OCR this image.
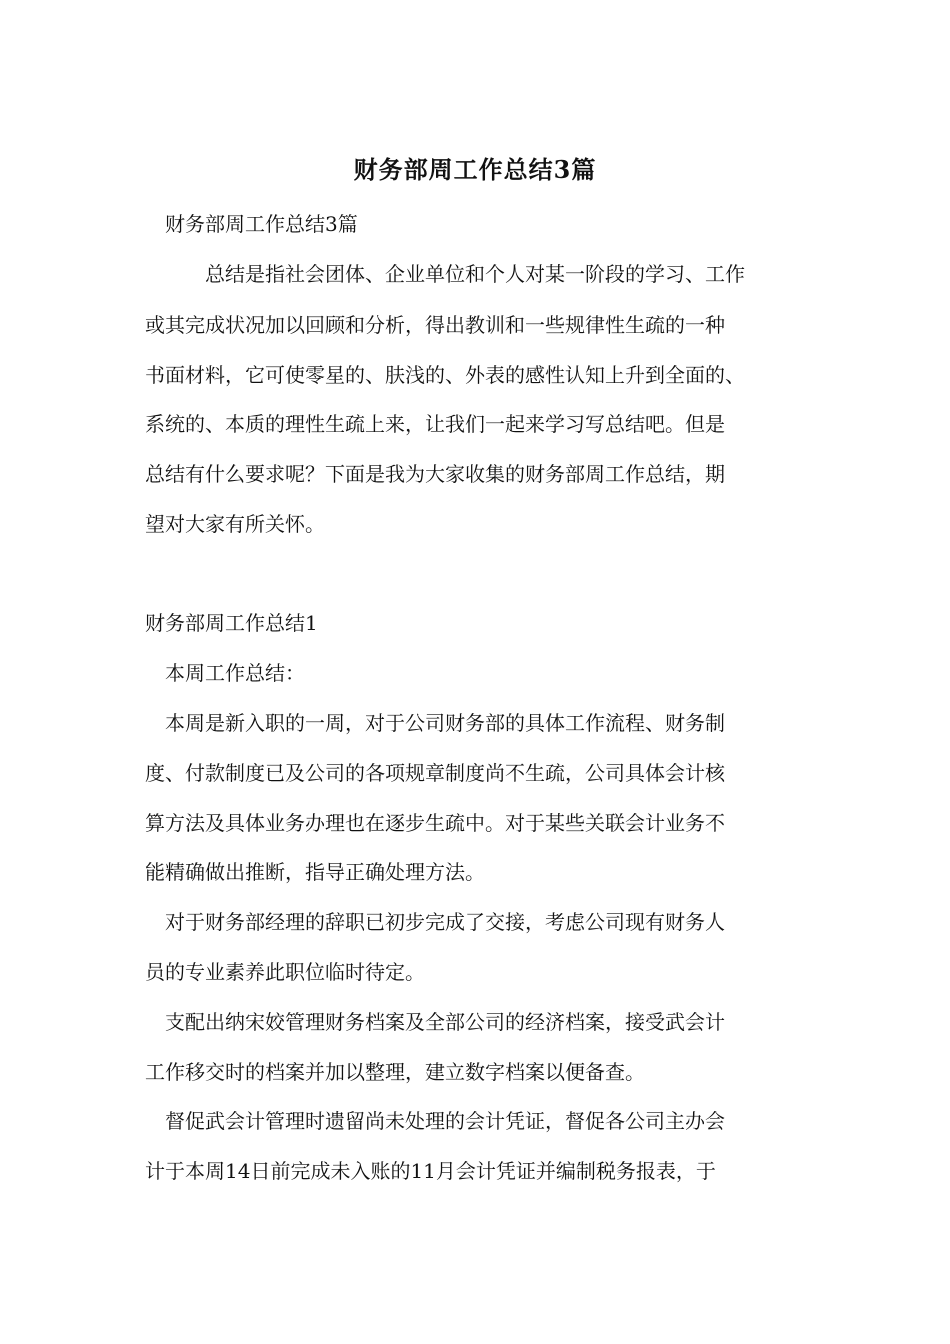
财务部周工作总结3篇

财务部周工作总结3篇

总结是指社会团体、企业单位和个人对某一阶段的学习、工作

或其完成状况加以回顾和分析，得出教训和一些规律性生疏的一种

书面材料，它可使零星的、肤浅的、外表的感性认知上升到全面的、

系统的、本质的理性生疏上来，让我们一起来学习写总结吧。但是

总结有什么要求呢？下面是我为大家收集的财务部周工作总结，期

望对大家有所关怀。

财务部周工作总结1

本周工作总结：

本周是新入职的一周，对于公司财务部的具体工作流程、财务制

度、付款制度已及公司的各项规章制度尚不生疏，公司具体会计核

算方法及具体业务办理也在逐步生疏中。对于某些关联会计业务不

能精确做出推断，指导正确处理方法。

对于财务部经理的辞职已初步完成了交接，考虑公司现有财务人

员的专业素养此职位临时待定。

支配出纳宋姣管理财务档案及全部公司的经济档案，接受武会计

工作移交时的档案并加以整理，建立数字档案以便备查。

督促武会计管理时遗留尚未处理的会计凭证，督促各公司主办会

计于本周14日前完成未入账的11月会计凭证并编制税务报表，于
